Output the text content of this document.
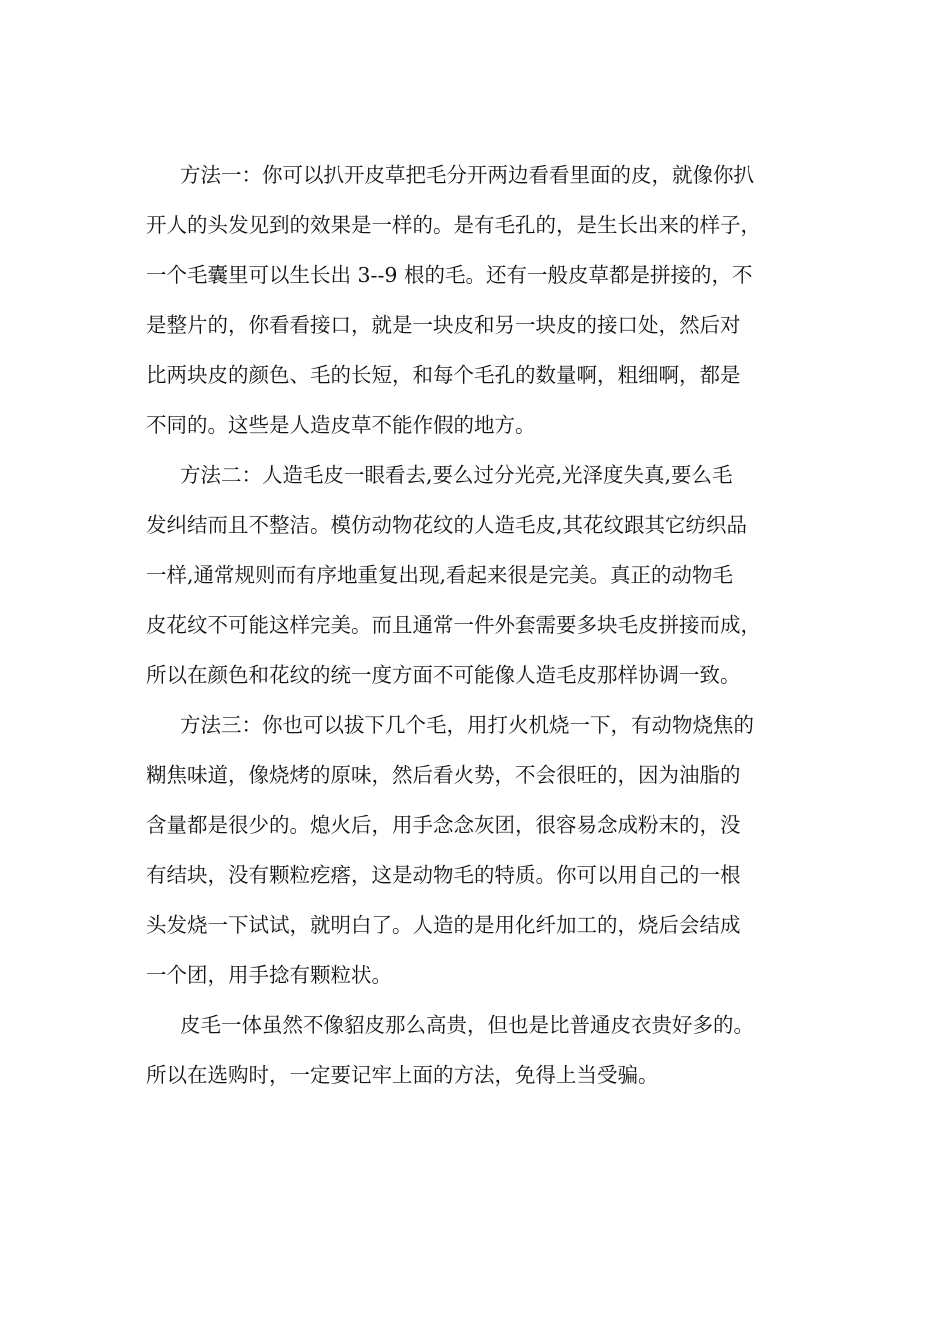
方法一：你可以扒开皮草把毛分开两边看看里面的皮，就像你扒
开人的头发见到的效果是一样的。是有毛孔的，是生长出来的样子，
一个毛囊里可以生长出 3--9 根的毛。还有一般皮草都是拼接的，不
是整片的，你看看接口，就是一块皮和另一块皮的接口处，然后对
比两块皮的颜色、毛的长短，和每个毛孔的数量啊，粗细啊，都是
不同的。这些是人造皮草不能作假的地方。
方法二：人造毛皮一眼看去,要么过分光亮,光泽度失真,要么毛
发纠结而且不整洁。模仿动物花纹的人造毛皮,其花纹跟其它纺织品
一样,通常规则而有序地重复出现,看起来很是完美。真正的动物毛
皮花纹不可能这样完美。而且通常一件外套需要多块毛皮拼接而成，
所以在颜色和花纹的统一度方面不可能像人造毛皮那样协调一致。
方法三：你也可以拔下几个毛，用打火机烧一下，有动物烧焦的
糊焦味道，像烧烤的原味，然后看火势，不会很旺的，因为油脂的
含量都是很少的。熄火后，用手念念灰团，很容易念成粉末的，没
有结块，没有颗粒疙瘩，这是动物毛的特质。你可以用自己的一根
头发烧一下试试，就明白了。人造的是用化纤加工的，烧后会结成
一个团，用手捻有颗粒状。
皮毛一体虽然不像貂皮那么高贵，但也是比普通皮衣贵好多的。
所以在选购时，一定要记牢上面的方法，免得上当受骗。
